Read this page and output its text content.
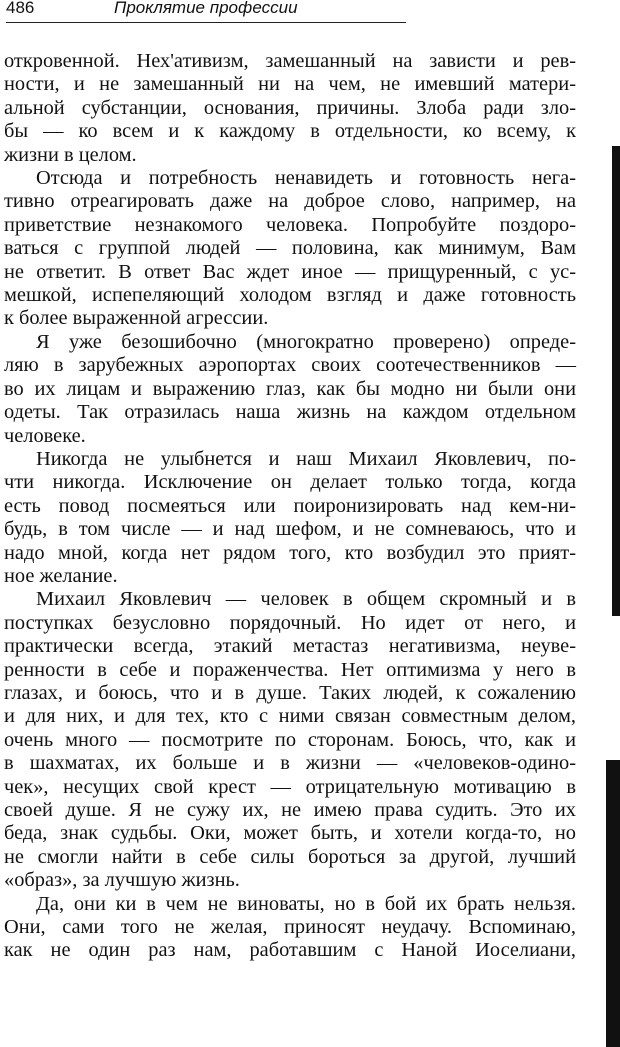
486	Проклятие профессии
откровенной. Нех'ативизм, замешанный на зависти и рев-
ности, и не замешанный ни на чем, не имевший матери-
альной субстанции, основания, причины. Злоба ради зло-
бы — ко всем и к каждому в отдельности, ко всему, к
жизни в целом.
Отсюда и потребность ненавидеть и готовность нега-
тивно отреагировать даже на доброе слово, например, на
приветствие незнакомого человека. Попробуйте поздоро-
ваться с группой людей — половина, как минимум, Вам
не ответит. В ответ Вас ждет иное — прищуренный, с ус-
мешкой, испепеляющий холодом взгляд и даже готовность
к более выраженной агрессии.
Я уже безошибочно (многократно проверено) опреде-
ляю в зарубежных аэропортах своих соотечественников —
во их лицам и выражению глаз, как бы модно ни были они
одеты. Так отразилась наша жизнь на каждом отдельном
человеке.
Никогда не улыбнется и наш Михаил Яковлевич, по-
чти никогда. Исключение он делает только тогда, когда
есть повод посмеяться или поиронизировать над кем-ни-
будь, в том числе — и над шефом, и не сомневаюсь, что и
надо мной, когда нет рядом того, кто возбудил это прият-
ное желание.
Михаил Яковлевич — человек в общем скромный и в
поступках безусловно порядочный. Но идет от него, и
практически всегда, этакий метастаз негативизма, неуве-
ренности в себе и пораженчества. Нет оптимизма у него в
глазах, и боюсь, что и в душе. Таких людей, к сожалению
и для них, и для тех, кто с ними связан совместным делом,
очень много — посмотрите по сторонам. Боюсь, что, как и
в шахматах, их больше и в жизни — «человеков-одино-
чек», несущих свой крест — отрицательную мотивацию в
своей душе. Я не сужу их, не имею права судить. Это их
беда, знак судьбы. Оки, может быть, и хотели когда-то, но
не смогли найти в себе силы бороться за другой, лучший
«образ», за лучшую жизнь.
Да, они ки в чем не виноваты, но в бой их брать нельзя.
Они, сами того не желая, приносят неудачу. Вспоминаю,
как не один раз нам, работавшим с Наной Иоселиани,
